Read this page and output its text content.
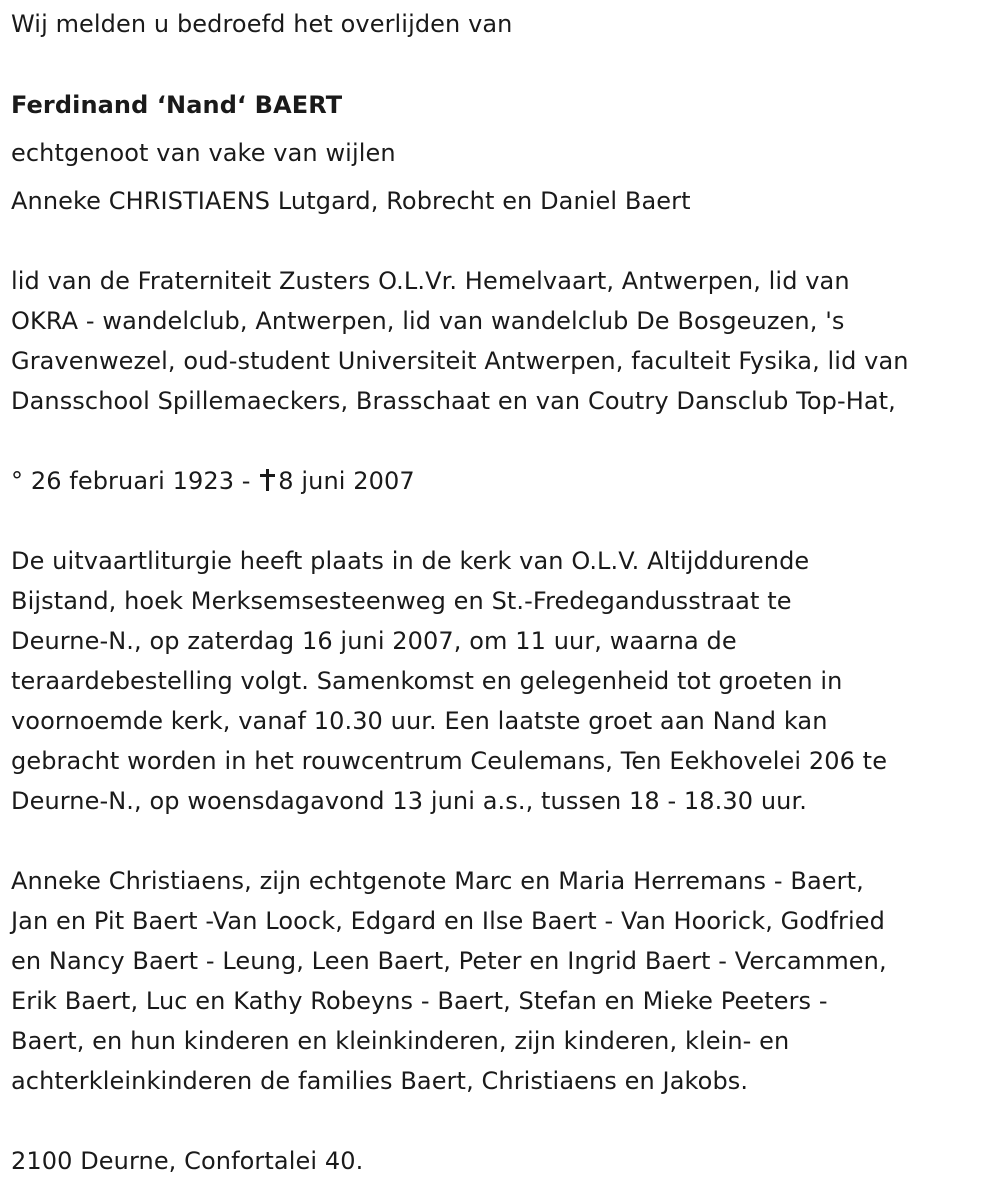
Wij melden u bedroefd het overlijden van
Ferdinand ‘Nand‘ BAERT
echtgenoot van vake van wijlen
Anneke CHRISTIAENS Lutgard, Robrecht en Daniel Baert
lid van de Fraterniteit Zusters O.L.Vr. Hemelvaart, Antwerpen, lid van
OKRA - wandelclub, Antwerpen, lid van wandelclub De Bosgeuzen, 's
Gravenwezel, oud-student Universiteit Antwerpen, faculteit Fysika, lid van
Dansschool Spillemaeckers, Brasschaat en van Coutry Dansclub Top-Hat,
° 26 februari 1923 - 8 juni 2007
De uitvaartliturgie heeft plaats in de kerk van O.L.V. Altijddurende
Bijstand, hoek Merksemsesteenweg en St.-Fredegandusstraat te
Deurne-N., op zaterdag 16 juni 2007, om 11 uur, waarna de
teraardebestelling volgt. Samenkomst en gelegenheid tot groeten in
voornoemde kerk, vanaf 10.30 uur. Een laatste groet aan Nand kan
gebracht worden in het rouwcentrum Ceulemans, Ten Eekhovelei 206 te
Deurne-N., op woensdagavond 13 juni a.s., tussen 18 - 18.30 uur.
Anneke Christiaens, zijn echtgenote Marc en Maria Herremans - Baert,
Jan en Pit Baert -Van Loock, Edgard en Ilse Baert - Van Hoorick, Godfried
en Nancy Baert - Leung, Leen Baert, Peter en Ingrid Baert - Vercammen,
Erik Baert, Luc en Kathy Robeyns - Baert, Stefan en Mieke Peeters -
Baert, en hun kinderen en kleinkinderen, zijn kinderen, klein- en
achterkleinkinderen de families Baert, Christiaens en Jakobs.
2100 Deurne, Confortalei 40.
